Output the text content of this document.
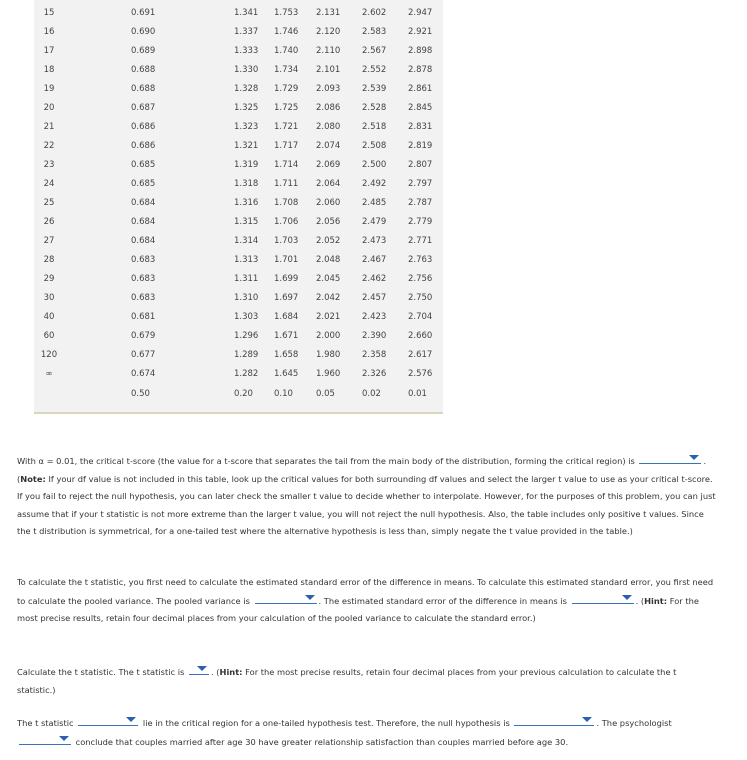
15	0.691	1.341 1.753 2.131	2.602	2.947
16	0.690	1.337 1.746 2.120	2.583	2.921
17	0.689	1.333 1.740 2.110	2.567	2.898
18	0.688	1.330 1.734 2.101	2.552	2.878
19	0.688	1.328 1.729 2.093	2.539	2.861
20	0.687	1.325 1.725 2.086	2.528	2.845
21	0.686	1.323 1.721 2.080	2.518	2.831
22	0.686	1.321 1.717 2.074	2.508	2.819
23	0.685	1.319 1.714 2.069	2.500	2.807
24	0.685	1.318 1.711 2.064	2.492	2.797
25	0.684	1.316 1.708 2.060	2.485	2.787
26	0.684	1.315 1.706 2.056	2.479	2.779
27	0.684	1.314 1.703 2.052	2.473	2.771
28	0.683	1.313 1.701 2.048	2.467	2.763
29	0.683	1.311 1.699 2.045	2.462	2.756
30	0.683	1.310 1.697 2.042	2.457	2.750
40	0.681	1.303 1.684 2.021	2.423	2.704
60	0.679	1.296 1.671 2.000	2.390	2.660
120	0.677	1.289 1.658 1.980	2.358	2.617
∞	0.674	1.282 1.645 1.960	2.326	2.576
0.50	0.20 0.10	0.05	0.02	0.01
With α = 0.01, the critical t-score (the value for a t-score that separates the tail from the main body of the distribution, forming the critical region) is	. (Note: If your df value is not included in this table, look up the critical values for both surrounding df values and select the larger t value to use as your critical t-score. If you fail to reject the null hypothesis, you can later check the smaller t value to decide whether to interpolate. However, for the purposes of this problem, you can just assume that if your t statistic is not more extreme than the larger t value, you will not reject the null hypothesis. Also, the table includes only positive t values. Since the t distribution is symmetrical, for a one-tailed test where the alternative hypothesis is less than, simply negate the t value provided in the table.)
To calculate the t statistic, you first need to calculate the estimated standard error of the difference in means. To calculate this estimated standard error, you first need to calculate the pooled variance. The pooled variance is	. The estimated standard error of the difference in means is	. (Hint: For the most precise results, retain four decimal places from your calculation of the pooled variance to calculate the standard error.)
Calculate the t statistic. The t statistic is	. (Hint: For the most precise results, retain four decimal places from your previous calculation to calculate the t statistic.)
The t statistic	lie in the critical region for a one-tailed hypothesis test. Therefore, the null hypothesis is	. The psychologist
conclude that couples married after age 30 have greater relationship satisfaction than couples married before age 30.
